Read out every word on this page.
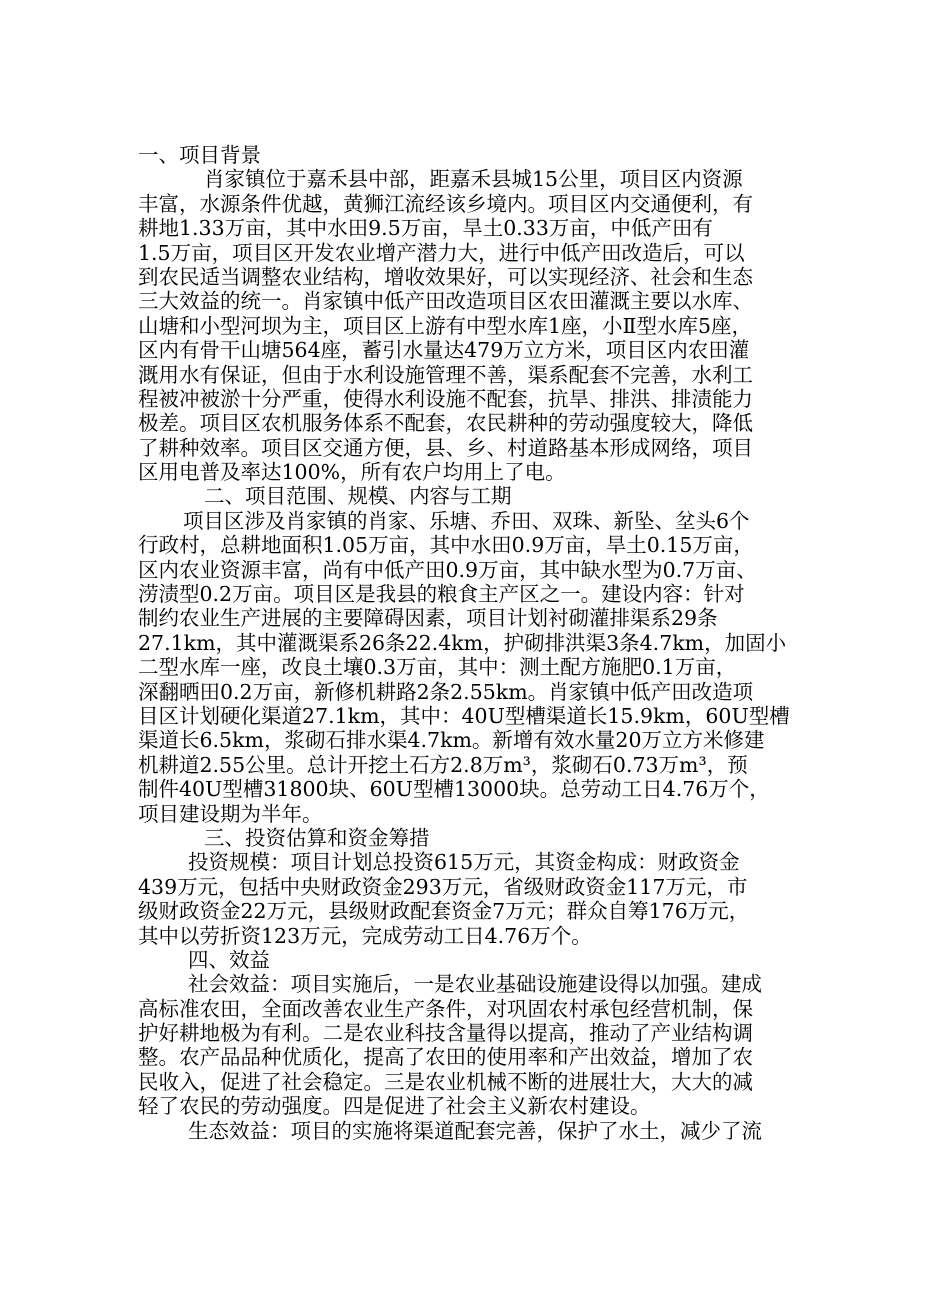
一、项目背景
肖家镇位于嘉禾县中部，距嘉禾县城15公里，项目区内资源
丰富，水源条件优越，黄狮江流经该乡境内。项目区内交通便利，有
耕地1.33万亩，其中水田9.5万亩，旱土0.33万亩，中低产田有
1.5万亩，项目区开发农业增产潜力大，进行中低产田改造后，可以
到农民适当调整农业结构，增收效果好，可以实现经济、社会和生态
三大效益的统一。肖家镇中低产田改造项目区农田灌溉主要以水库、
山塘和小型河坝为主，项目区上游有中型水库1座，小Ⅱ型水库5座，
区内有骨干山塘564座，蓄引水量达479万立方米，项目区内农田灌
溉用水有保证，但由于水利设施管理不善，渠系配套不完善，水利工
程被冲被淤十分严重，使得水利设施不配套，抗旱、排洪、排渍能力
极差。项目区农机服务体系不配套，农民耕种的劳动强度较大，降低
了耕种效率。项目区交通方便，县、乡、村道路基本形成网络，项目
区用电普及率达100%，所有农户均用上了电。
二、项目范围、规模、内容与工期
项目区涉及肖家镇的肖家、乐塘、乔田、双珠、新坠、坌头6个
行政村，总耕地面积1.05万亩，其中水田0.9万亩，旱土0.15万亩，
区内农业资源丰富，尚有中低产田0.9万亩，其中缺水型为0.7万亩、
涝渍型0.2万亩。项目区是我县的粮食主产区之一。建设内容：针对
制约农业生产进展的主要障碍因素，项目计划衬砌灌排渠系29条
27.1km，其中灌溉渠系26条22.4km，护砌排洪渠3条4.7km，加固小
二型水库一座，改良土壤0.3万亩，其中：测土配方施肥0.1万亩，
深翻晒田0.2万亩，新修机耕路2条2.55km。肖家镇中低产田改造项
目区计划硬化渠道27.1km，其中：40U型槽渠道长15.9km，60U型槽
渠道长6.5km，浆砌石排水渠4.7km。新增有效水量20万立方米修建
机耕道2.55公里。总计开挖土石方2.8万m³，浆砌石0.73万m³，预
制件40U型槽31800块、60U型槽13000块。总劳动工日4.76万个，
项目建设期为半年。
三、投资估算和资金筹措
投资规模：项目计划总投资615万元，其资金构成：财政资金
439万元，包括中央财政资金293万元，省级财政资金117万元，市
级财政资金22万元，县级财政配套资金7万元；群众自筹176万元，
其中以劳折资123万元，完成劳动工日4.76万个。
四、效益
社会效益：项目实施后，一是农业基础设施建设得以加强。建成
高标准农田，全面改善农业生产条件，对巩固农村承包经营机制，保
护好耕地极为有利。二是农业科技含量得以提高，推动了产业结构调
整。农产品品种优质化，提高了农田的使用率和产出效益，增加了农
民收入，促进了社会稳定。三是农业机械不断的进展壮大，大大的减
轻了农民的劳动强度。四是促进了社会主义新农村建设。
生态效益：项目的实施将渠道配套完善，保护了水土，减少了流
